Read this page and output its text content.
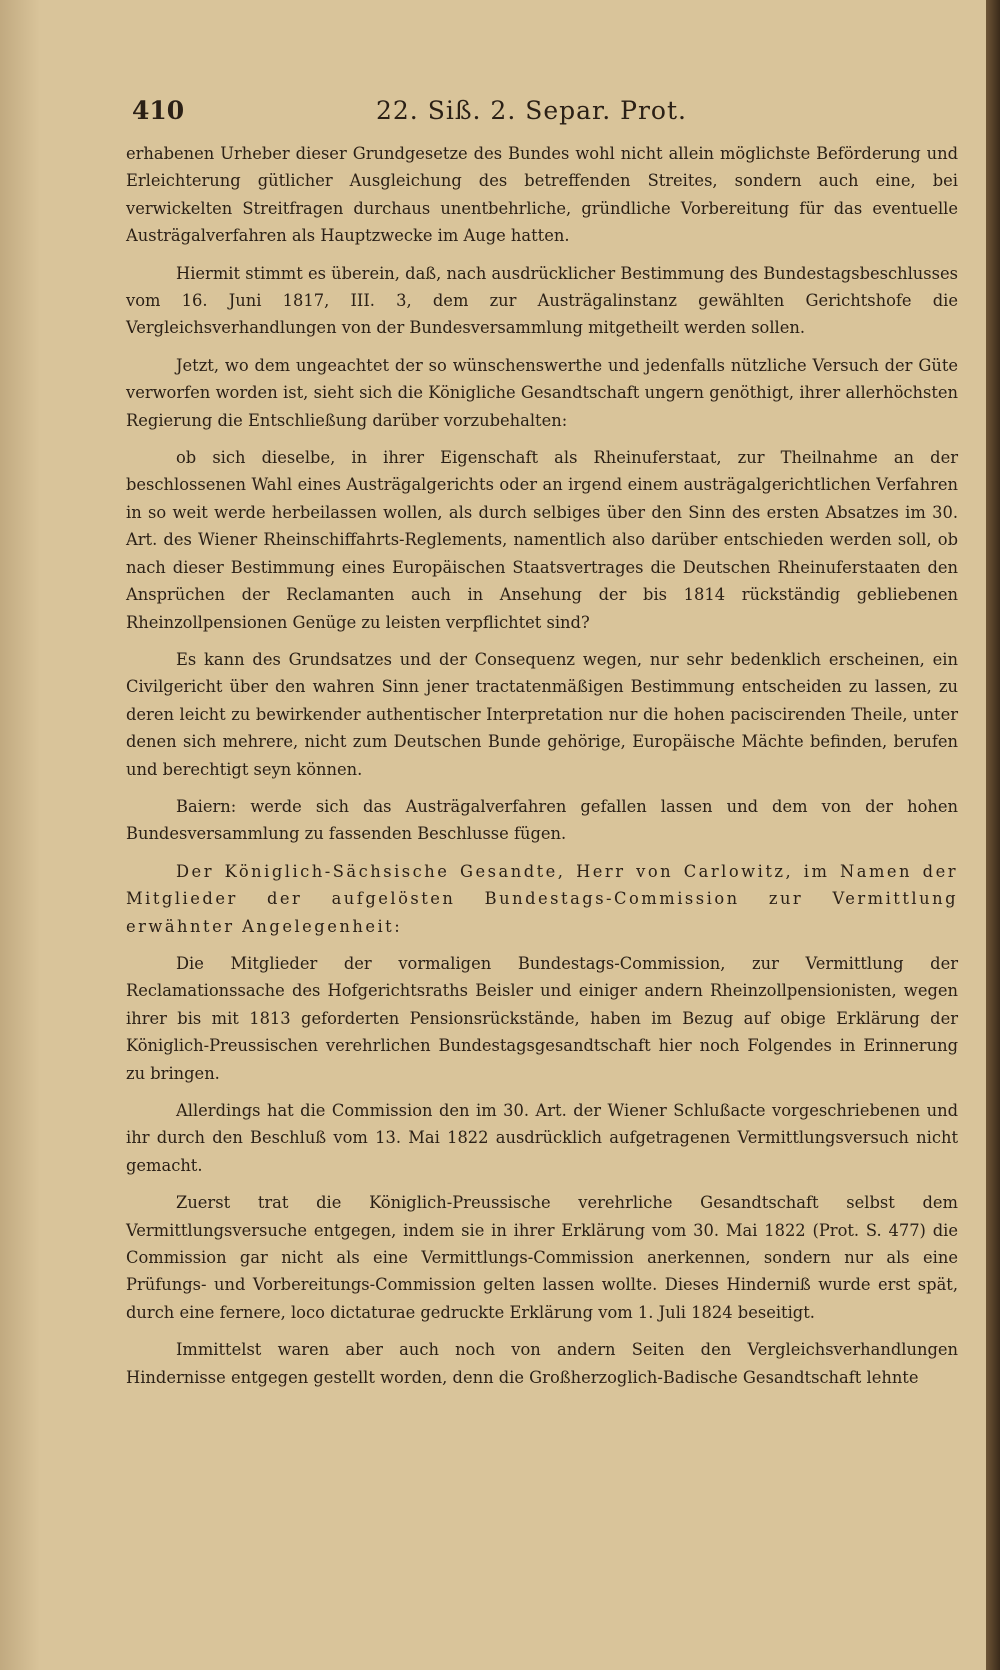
410	22. Siß. 2. Separ. Prot.

erhabenen Urheber dieser Grundgesetze des Bundes wohl nicht allein möglichste Beförderung und Erleichterung gütlicher Ausgleichung des betreffenden Streites, sondern auch eine, bei verwickelten Streitfragen durchaus unentbehrliche, gründliche Vorbereitung für das eventuelle Austrägalverfahren als Hauptzwecke im Auge hatten.

Hiermit stimmt es überein, daß, nach ausdrücklicher Bestimmung des Bundestagsbeschlusses vom 16. Juni 1817, III. 3, dem zur Austrägalinstanz gewählten Gerichtshofe die Vergleichsverhandlungen von der Bundesversammlung mitgetheilt werden sollen.

Jetzt, wo dem ungeachtet der so wünschenswerthe und jedenfalls nützliche Versuch der Güte verworfen worden ist, sieht sich die Königliche Gesandtschaft ungern genöthigt, ihrer allerhöchsten Regierung die Entschließung darüber vorzubehalten:

ob sich dieselbe, in ihrer Eigenschaft als Rheinuferstaat, zur Theilnahme an der beschlossenen Wahl eines Austrägalgerichts oder an irgend einem austrägalgerichtlichen Verfahren in so weit werde herbeilassen wollen, als durch selbiges über den Sinn des ersten Absatzes im 30. Art. des Wiener Rheinschiffahrts-Reglements, namentlich also darüber entschieden werden soll, ob nach dieser Bestimmung eines Europäischen Staatsvertrages die Deutschen Rheinuferstaaten den Ansprüchen der Reclamanten auch in Ansehung der bis 1814 rückständig gebliebenen Rheinzollpensionen Genüge zu leisten verpflichtet sind?

Es kann des Grundsatzes und der Consequenz wegen, nur sehr bedenklich erscheinen, ein Civilgericht über den wahren Sinn jener tractatenmäßigen Bestimmung entscheiden zu lassen, zu deren leicht zu bewirkender authentischer Interpretation nur die hohen paciscirenden Theile, unter denen sich mehrere, nicht zum Deutschen Bunde gehörige, Europäische Mächte befinden, berufen und berechtigt seyn können.

Baiern: werde sich das Austrägalverfahren gefallen lassen und dem von der hohen Bundesversammlung zu fassenden Beschlusse fügen.

Der Königlich-Sächsische Gesandte, Herr von Carlowitz, im Namen der Mitglieder der aufgelösten Bundestags-Commission zur Vermittlung erwähnter Angelegenheit:

Die Mitglieder der vormaligen Bundestags-Commission, zur Vermittlung der Reclamationssache des Hofgerichtsraths Beisler und einiger andern Rheinzollpensionisten, wegen ihrer bis mit 1813 geforderten Pensionsrückstände, haben im Bezug auf obige Erklärung der Königlich-Preussischen verehrlichen Bundestagsgesandtschaft hier noch Folgendes in Erinnerung zu bringen.

Allerdings hat die Commission den im 30. Art. der Wiener Schlußacte vorgeschriebenen und ihr durch den Beschluß vom 13. Mai 1822 ausdrücklich aufgetragenen Vermittlungsversuch nicht gemacht.

Zuerst trat die Königlich-Preussische verehrliche Gesandtschaft selbst dem Vermittlungsversuche entgegen, indem sie in ihrer Erklärung vom 30. Mai 1822 (Prot. S. 477) die Commission gar nicht als eine Vermittlungs-Commission anerkennen, sondern nur als eine Prüfungs- und Vorbereitungs-Commission gelten lassen wollte. Dieses Hinderniß wurde erst spät, durch eine fernere, loco dictaturae gedruckte Erklärung vom 1. Juli 1824 beseitigt.

Immittelst waren aber auch noch von andern Seiten den Vergleichsverhandlungen Hindernisse entgegen gestellt worden, denn die Großherzoglich-Badische Gesandtschaft lehnte
